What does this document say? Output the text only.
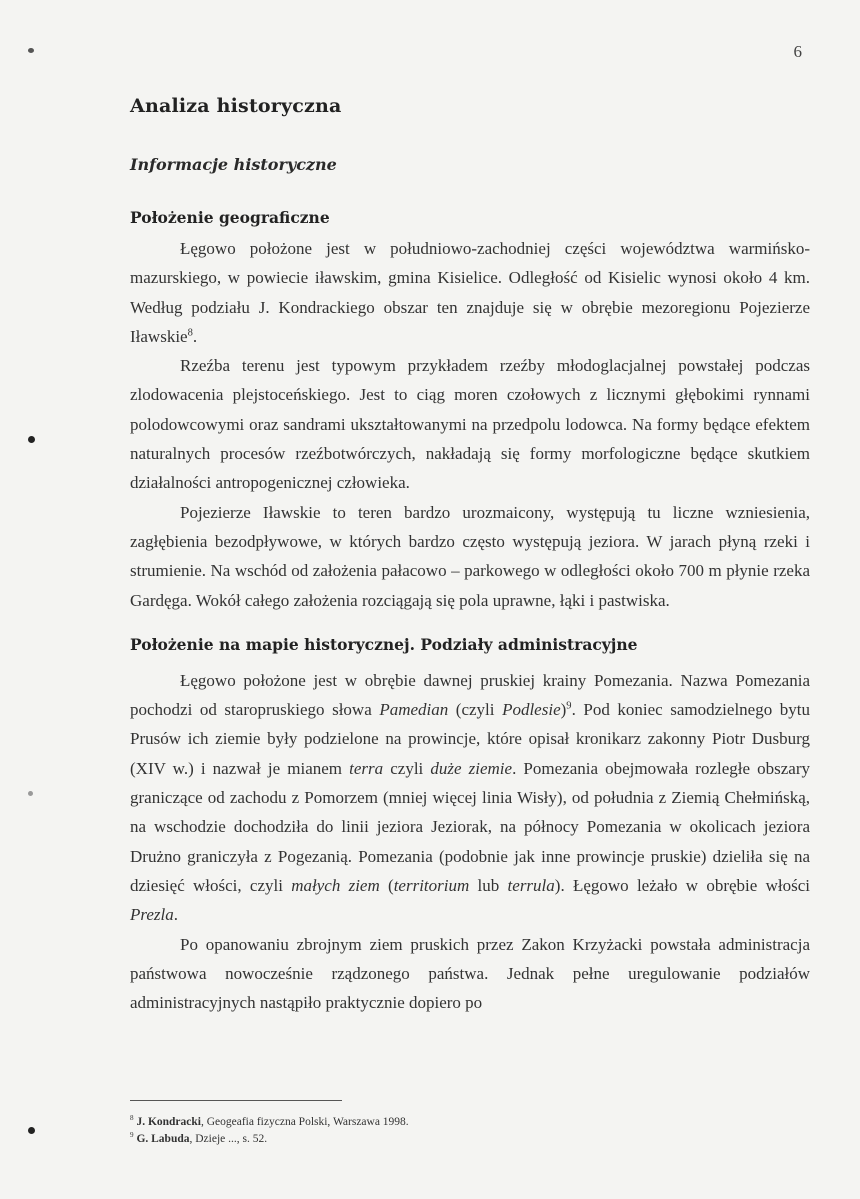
6
Analiza historyczna
Informacje historyczne
Położenie geograficzne

Łęgowo położone jest w południowo-zachodniej części województwa warmińsko-mazurskiego, w powiecie iławskim, gmina Kisielice. Odległość od Kisielic wynosi około 4 km. Według podziału J. Kondrackiego obszar ten znajduje się w obrębie mezoregionu Pojezierze Iławskie$^8$.

Rzeźba terenu jest typowym przykładem rzeźby młodoglacjalnej powstałej podczas zlodowacenia plejstoceńskiego. Jest to ciąg moren czołowych z licznymi głębokimi rynnami polodowcowymi oraz sandrami ukształtowanymi na przedpolu lodowca. Na formy będące efektem naturalnych procesów rzeźbotwórczych, nakładają się formy morfologiczne będące skutkiem działalności antropogenicznej człowieka.

Pojezierze Iławskie to teren bardzo urozmaicony, występują tu liczne wzniesienia, zagłębienia bezodpływowe, w których bardzo często występują jeziora. W jarach płyną rzeki i strumienie. Na wschód od założenia pałacowo – parkowego w odległości około 700 m płynie rzeka Gardęga. Wokół całego założenia rozciągają się pola uprawne, łąki i pastwiska.

Położenie na mapie historycznej. Podziały administracyjne

Łęgowo położone jest w obrębie dawnej pruskiej krainy Pomezania. Nazwa Pomezania pochodzi od staropruskiego słowa Pamedian (czyli Podlesie)$^9$. Pod koniec samodzielnego bytu Prusów ich ziemie były podzielone na prowincje, które opisał kronikarz zakonny Piotr Dusburg (XIV w.) i nazwał je mianem terra czyli duże ziemie. Pomezania obejmowała rozległe obszary graniczące od zachodu z Pomorzem (mniej więcej linia Wisły), od południa z Ziemią Chełmińską, na wschodzie dochodziła do linii jeziora Jeziorak, na północy Pomezania w okolicach jeziora Drużno graniczyła z Pogezanią. Pomezania (podobnie jak inne prowincje pruskie) dzieliła się na dziesięć włości, czyli małych ziem (territorium lub terrula). Łęgowo leżało w obrębie włości Prezla.

Po opanowaniu zbrojnym ziem pruskich przez Zakon Krzyżacki powstała administracja państwowa nowocześnie rządzonego państwa. Jednak pełne uregulowanie podziałów administracyjnych nastąpiło praktycznie dopiero po

$^8$ J. Kondracki, Geogeafia fizyczna Polski, Warszawa 1998.
$^9$ G. Labuda, Dzieje ..., s. 52.
